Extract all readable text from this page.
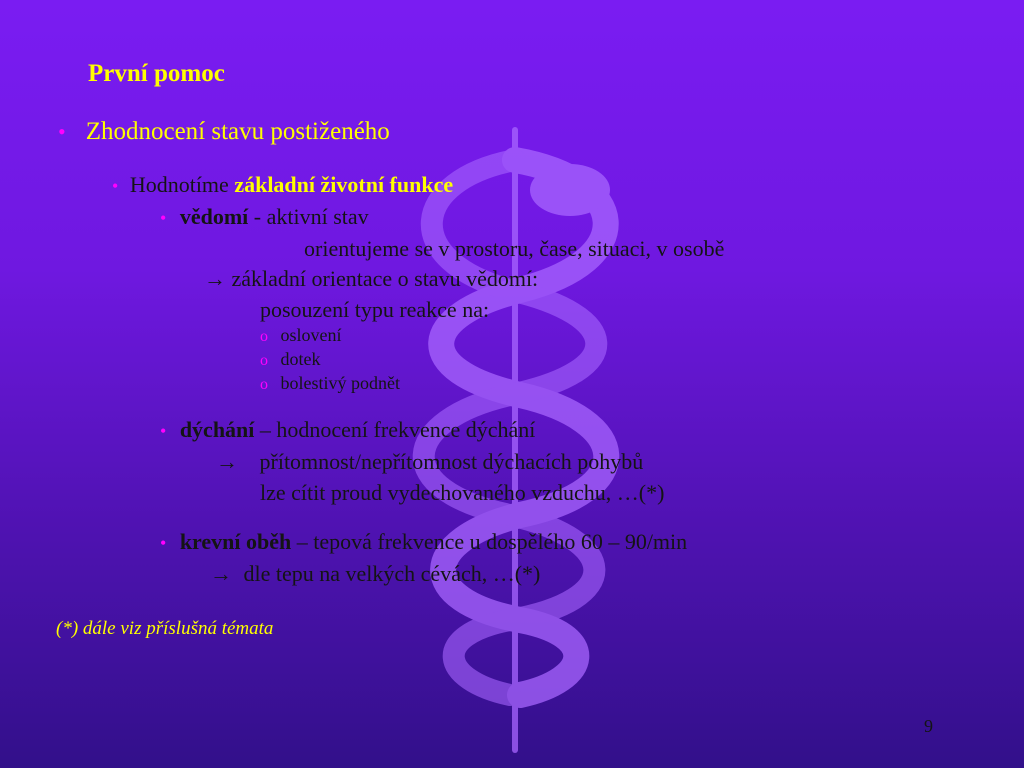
První pomoc
• Zhodnocení stavu postiženého
• Hodnotíme základní životní funkce
• vědomí - aktivní stav
orientujeme se v prostoru, čase, situaci, v osobě
→ základní orientace o stavu vědomí:
posouzení typu reakce na:
ο oslovení
ο dotek
ο bolestivý podnět
• dýchání – hodnocení frekvence dýchání
→ přítomnost/nepřítomnost dýchacích pohybů
lze cítit proud vydechovaného vzduchu, …(*)
• krevní oběh – tepová frekvence u dospělého 60 – 90/min
→ dle tepu na velkých cévách, …(*)
(*) dále viz příslušná témata
9
